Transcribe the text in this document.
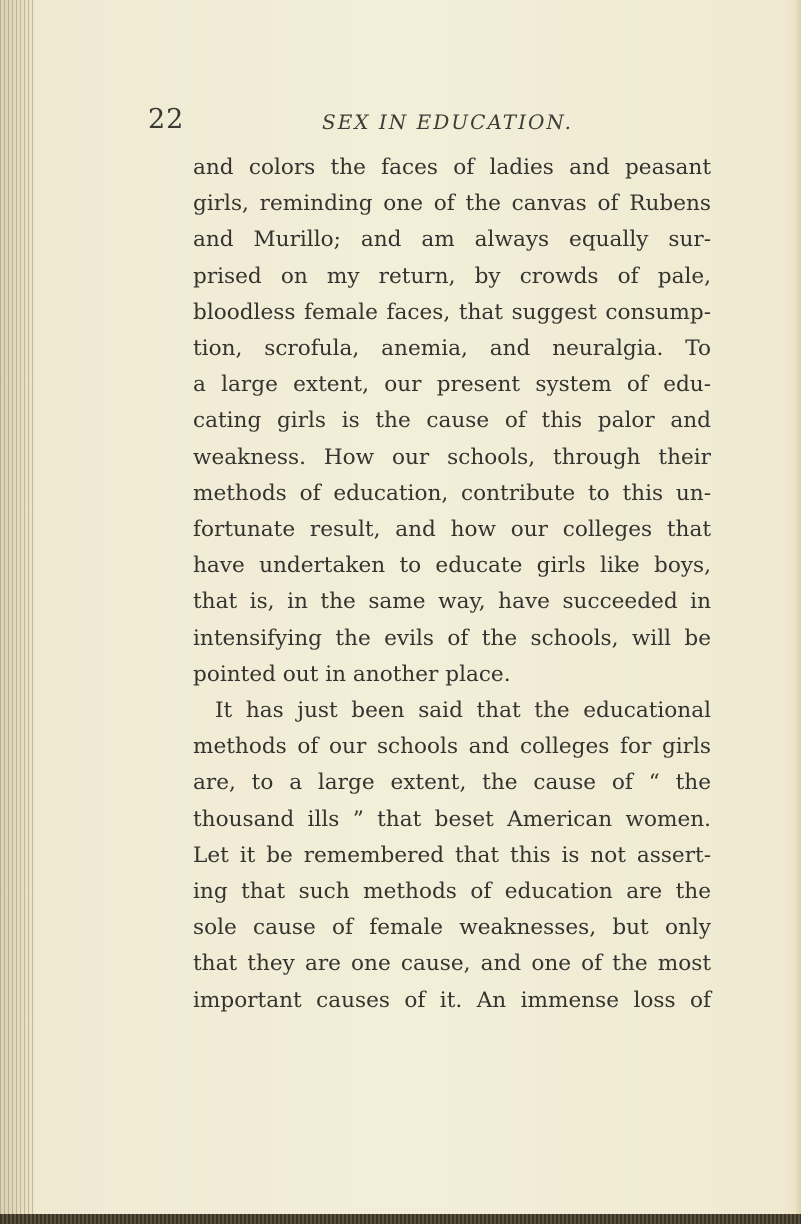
22	SEX IN EDUCATION.
and colors the faces of ladies and peasant
girls, reminding one of the canvas of Rubens
and Murillo; and am always equally sur-
prised on my return, by crowds of pale,
bloodless female faces, that suggest consump-
tion, scrofula, anemia, and neuralgia. To
a large extent, our present system of edu-
cating girls is the cause of this palor and
weakness. How our schools, through their
methods of education, contribute to this un-
fortunate result, and how our colleges that
have undertaken to educate girls like boys,
that is, in the same way, have succeeded in
intensifying the evils of the schools, will be
pointed out in another place.
It has just been said that the educational
methods of our schools and colleges for girls
are, to a large extent, the cause of “ the
thousand ills ” that beset American women.
Let it be remembered that this is not assert-
ing that such methods of education are the
sole cause of female weaknesses, but only
that they are one cause, and one of the most
important causes of it. An immense loss of
